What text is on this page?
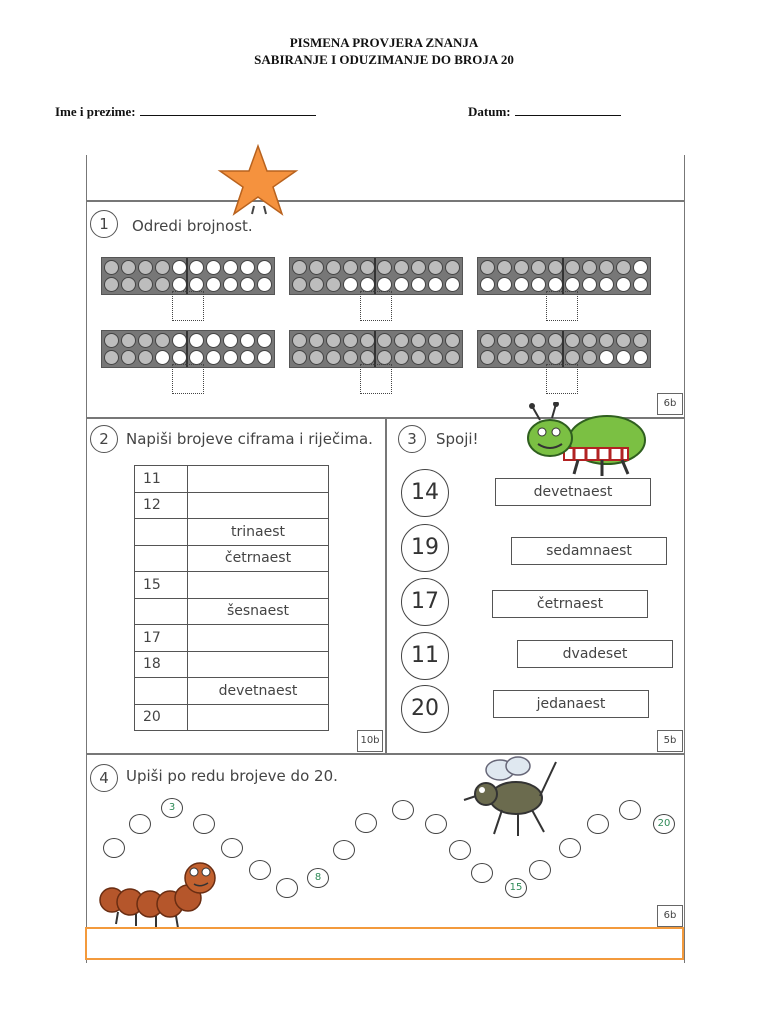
PISMENA PROVJERA ZNANJA
SABIRANJE I ODUZIMANJE DO BROJA 20
Ime i prezime:	Datum:
1	Odredi brojnost.
6b
2	Napiši brojeve ciframa i riječima.
10b
11	
12	
	trinaest
	četrnaest
15	
	šesnaest
17	
18	
	devetnaest
20	
3	Spoji!
5b
14
19
17
11
20
devetnaest
sedamnaest
četrnaest
dvadeset
jedanaest
4	Upiši po redu brojeve do 20.
6b
3
8
15
20
